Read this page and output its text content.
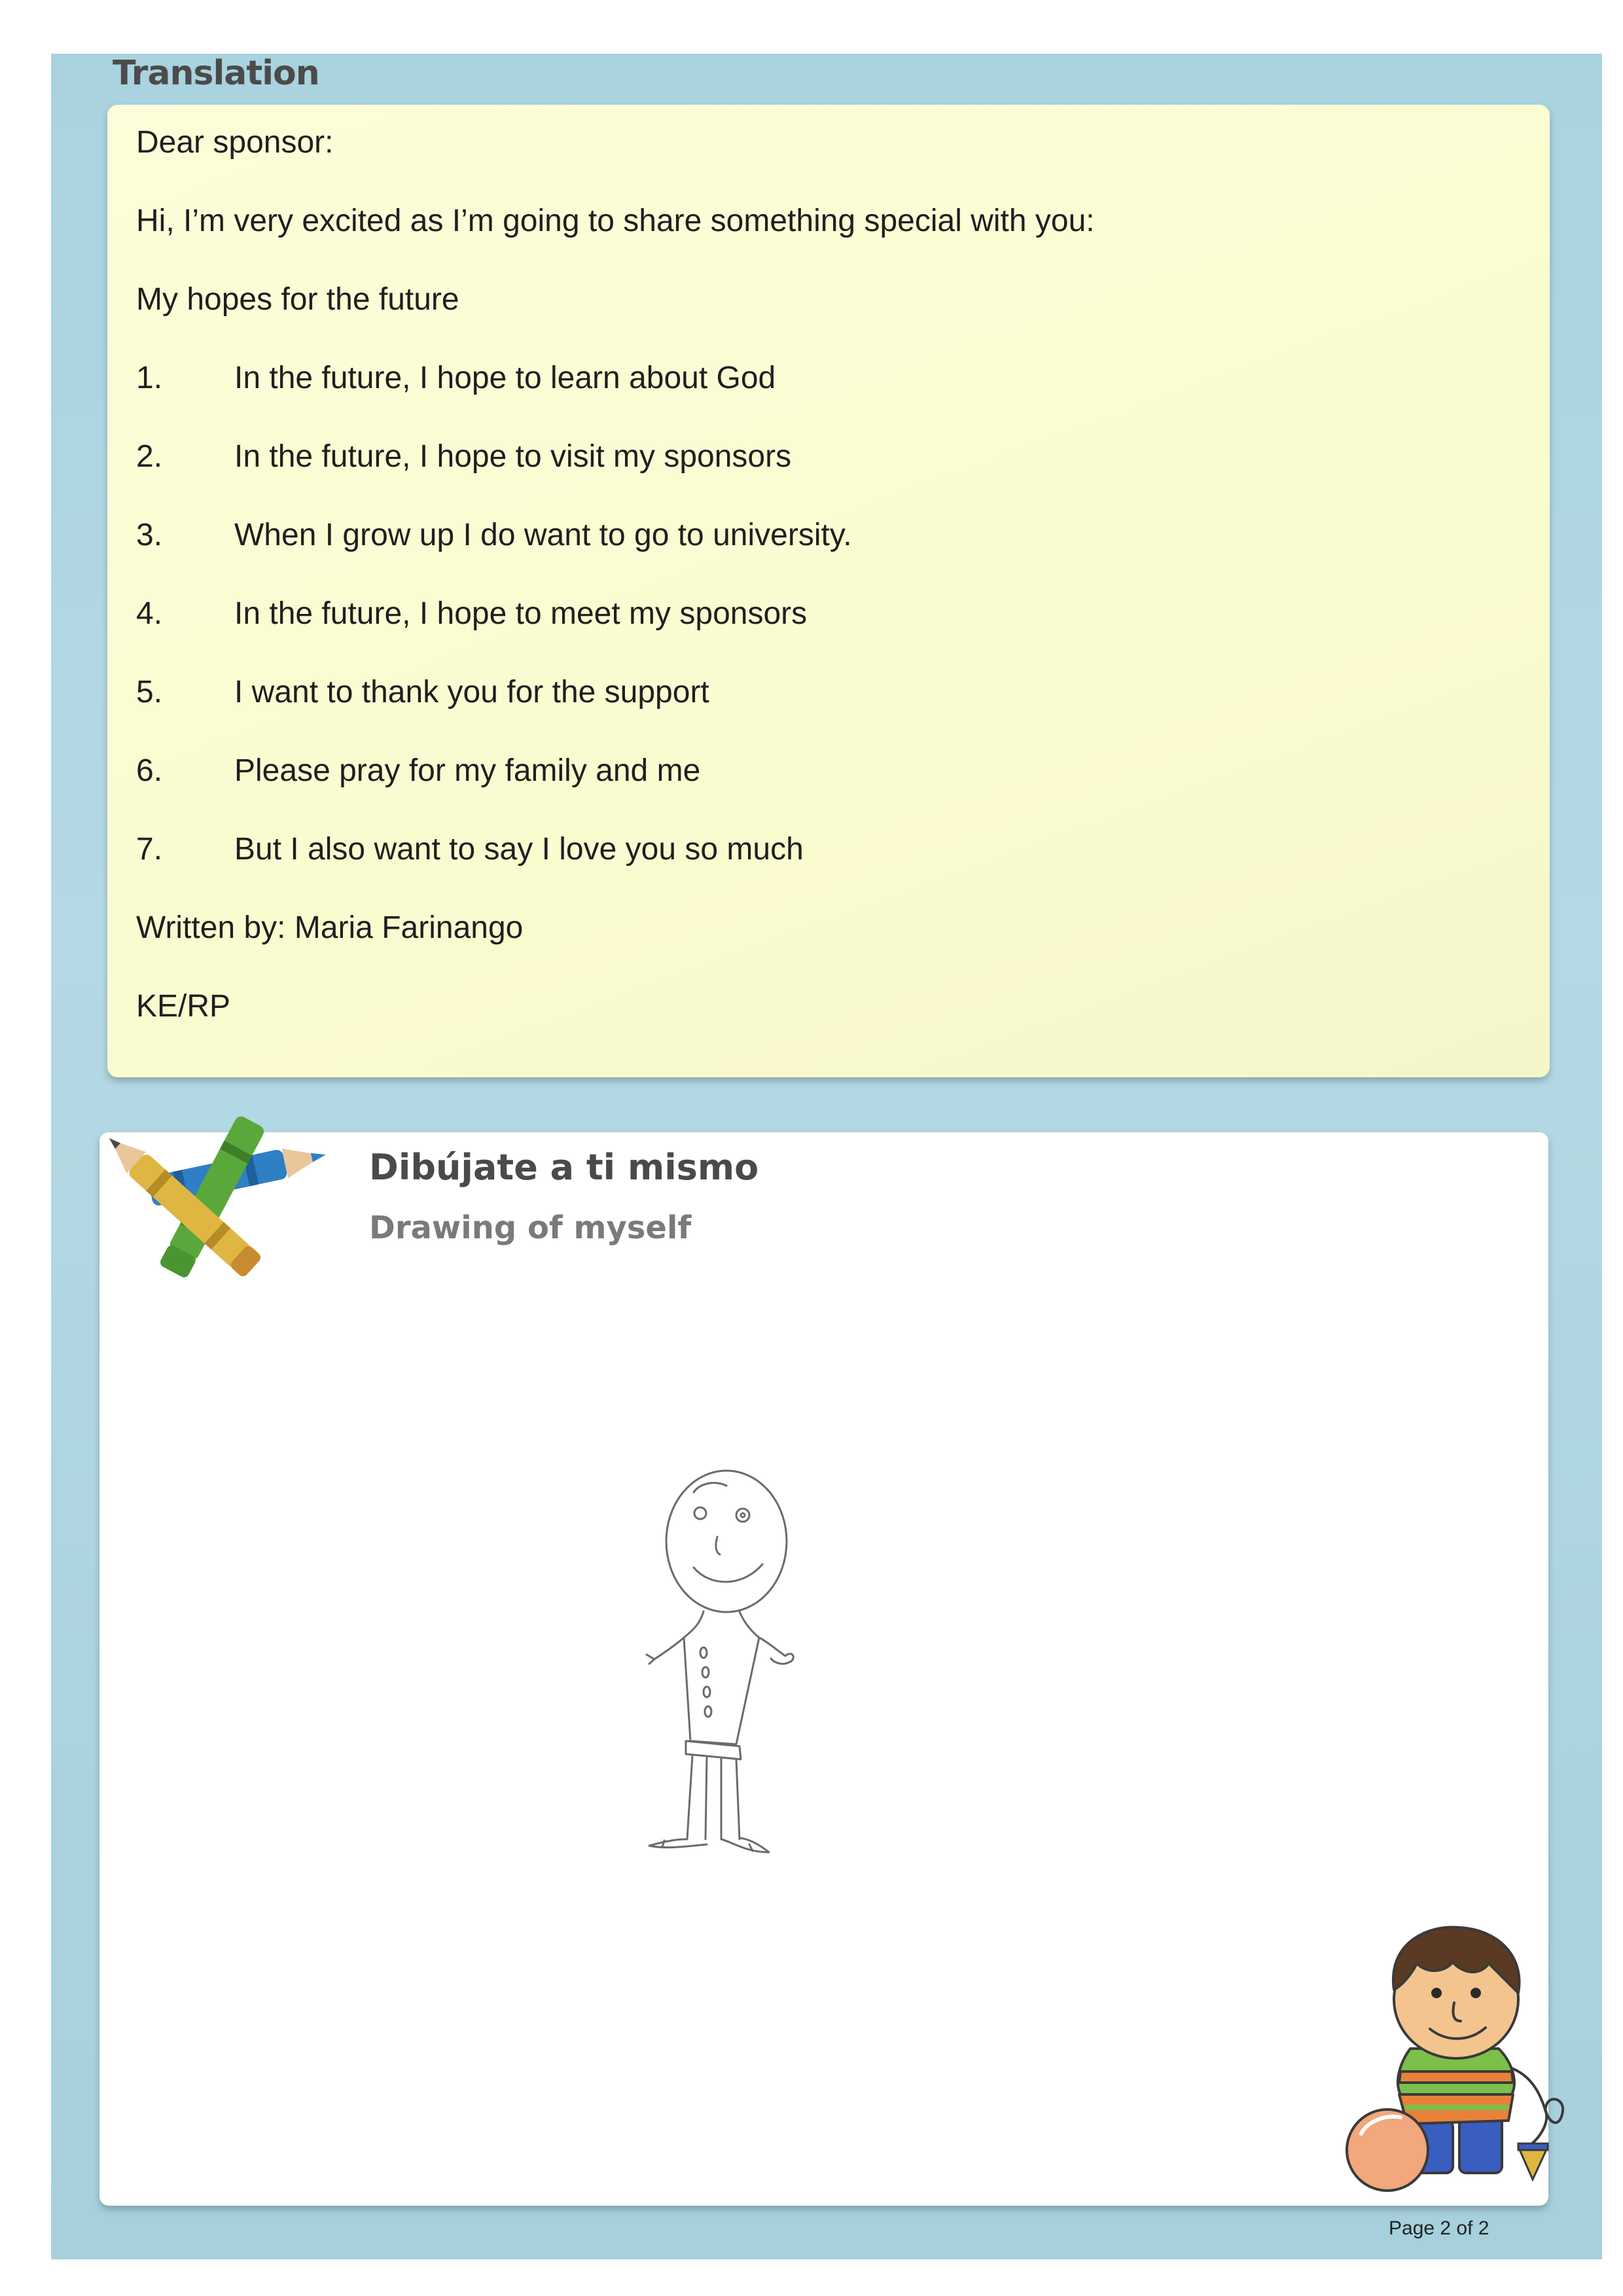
Translation
Dear sponsor:
Hi, I’m very excited as I’m going to share something special with you:
My hopes for the future
1. In the future, I hope to learn about God
2. In the future, I hope to visit my sponsors
3. When I grow up I do want to go to university.
4. In the future, I hope to meet my sponsors
5. I want to thank you for the support
6. Please pray for my family and me
7. But I also want to say I love you so much
Written by: Maria Farinango
KE/RP
Dibújate a ti mismo
Drawing of myself
Page 2 of 2
